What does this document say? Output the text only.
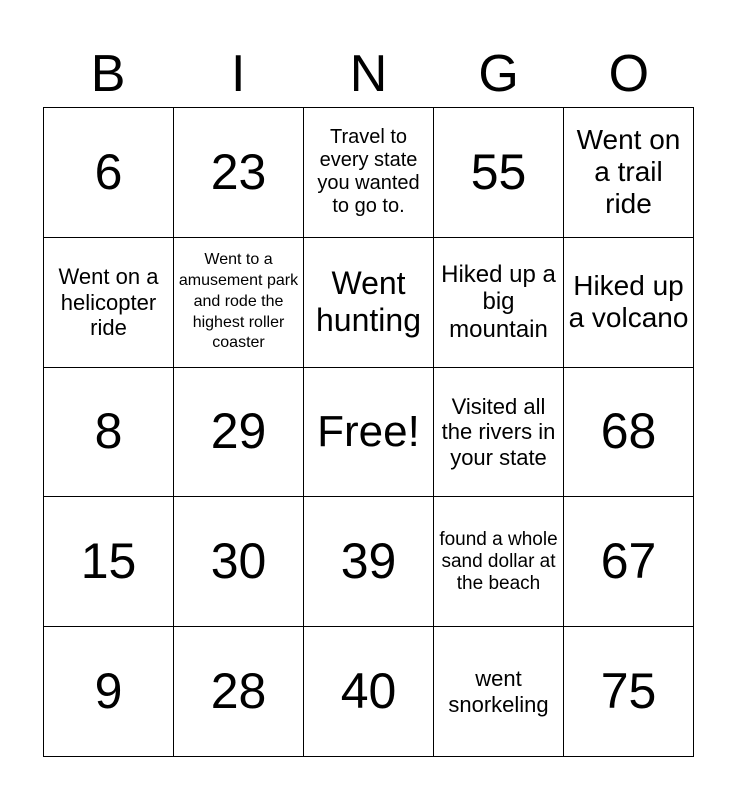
B	I	N	G	O
6	23	Travel to every state you wanted to go to.	55	Went on a trail ride
Went on a helicopter ride	Went to a amusement park and rode the highest roller coaster	Went hunting	Hiked up a big mountain	Hiked up a volcano
8	29	Free!	Visited all the rivers in your state	68
15	30	39	found a whole sand dollar at the beach	67
9	28	40	went snorkeling	75
